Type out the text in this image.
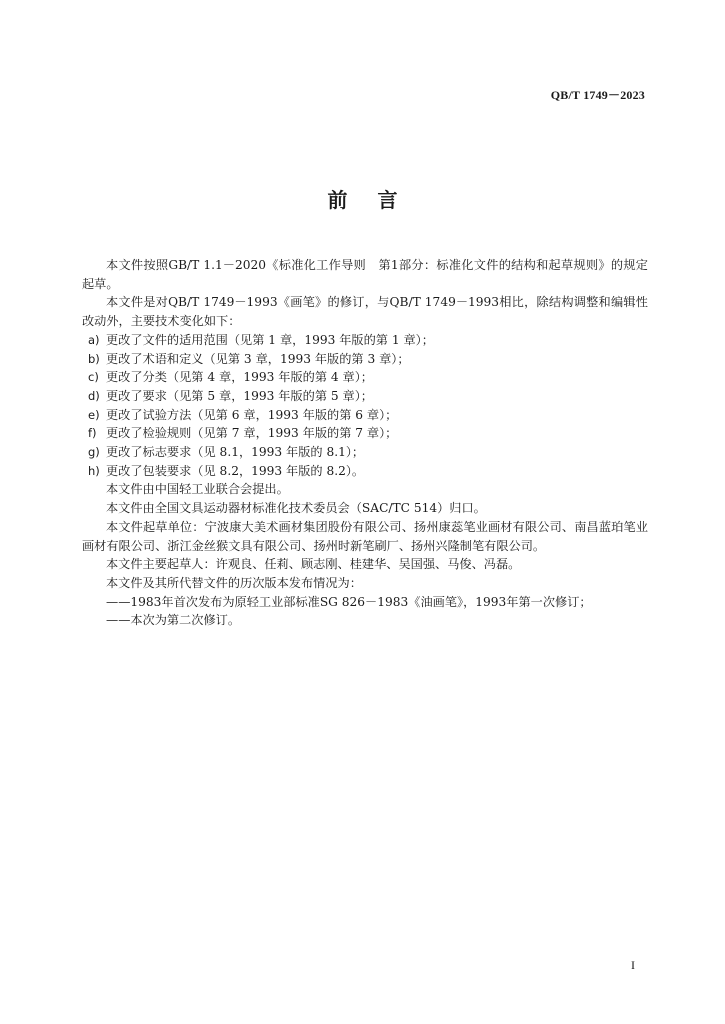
QB/T 1749－2023
前言

本文件按照GB/T 1.1－2020《标准化工作导则　第1部分：标准化文件的结构和起草规则》的规定起草。

本文件是对QB/T 1749－1993《画笔》的修订，与QB/T 1749－1993相比，除结构调整和编辑性改动外，主要技术变化如下：

a) 更改了文件的适用范围（见第 1 章，1993 年版的第 1 章）；

b) 更改了术语和定义（见第 3 章，1993 年版的第 3 章）；

c) 更改了分类（见第 4 章，1993 年版的第 4 章）；

d) 更改了要求（见第 5 章，1993 年版的第 5 章）；

e) 更改了试验方法（见第 6 章，1993 年版的第 6 章）；

f) 更改了检验规则（见第 7 章，1993 年版的第 7 章）；

g) 更改了标志要求（见 8.1，1993 年版的 8.1）；

h) 更改了包装要求（见 8.2，1993 年版的 8.2）。

本文件由中国轻工业联合会提出。

本文件由全国文具运动器材标准化技术委员会（SAC/TC 514）归口。

本文件起草单位：宁波康大美术画材集团股份有限公司、扬州康蕊笔业画材有限公司、南昌蓝珀笔业画材有限公司、浙江金丝猴文具有限公司、扬州时新笔刷厂、扬州兴隆制笔有限公司。

本文件主要起草人：许观良、任莉、顾志刚、桂建华、吴国强、马俊、冯磊。

本文件及其所代替文件的历次版本发布情况为：

——1983年首次发布为原轻工业部标准SG 826－1983《油画笔》，1993年第一次修订；

——本次为第二次修订。

I
